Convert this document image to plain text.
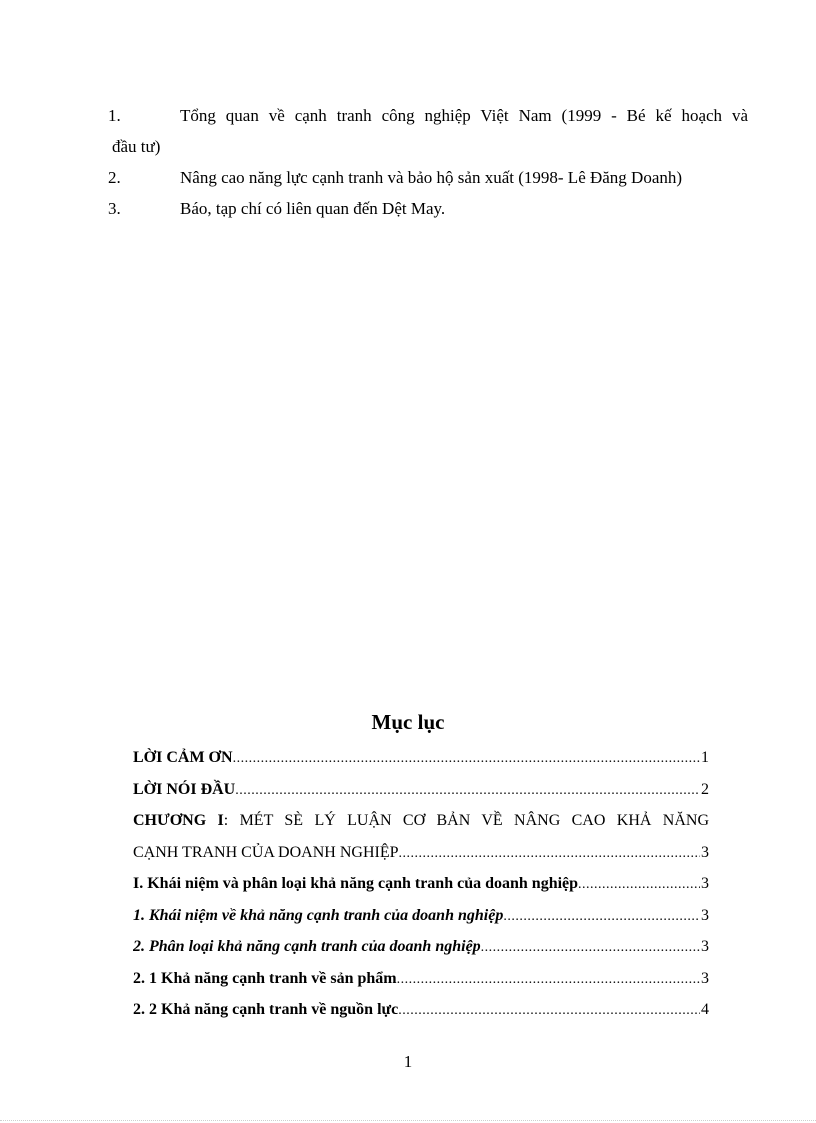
1.	Tổng quan về cạnh tranh công nghiệp Việt Nam (1999 - Bé kế hoạch và
đầu tư)
2.	Nâng cao năng lực cạnh tranh và bảo hộ sản xuất (1998- Lê Đăng Doanh)
3.	Báo, tạp chí có liên quan đến Dệt May.
Mục lục
LỜI CẢM ƠN .....	1
LỜI NÓI ĐẦU .....	2
CHƯƠNG I: MÉT SÈ LÝ LUẬN CƠ BẢN VỀ NÂNG CAO KHẢ NĂNG
CẠNH TRANH CỦA DOANH NGHIỆP .....	3
I. Khái niệm và phân loại khả năng cạnh tranh của doanh nghiệp .....	3
1. Khái niệm về khả năng cạnh tranh của doanh nghiệp .....	3
2. Phân loại khả năng cạnh tranh của doanh nghiệp .....	3
2. 1 Khả năng cạnh tranh về sản phẩm .....	3
2. 2 Khả năng cạnh tranh về nguồn lực .....	4
1
